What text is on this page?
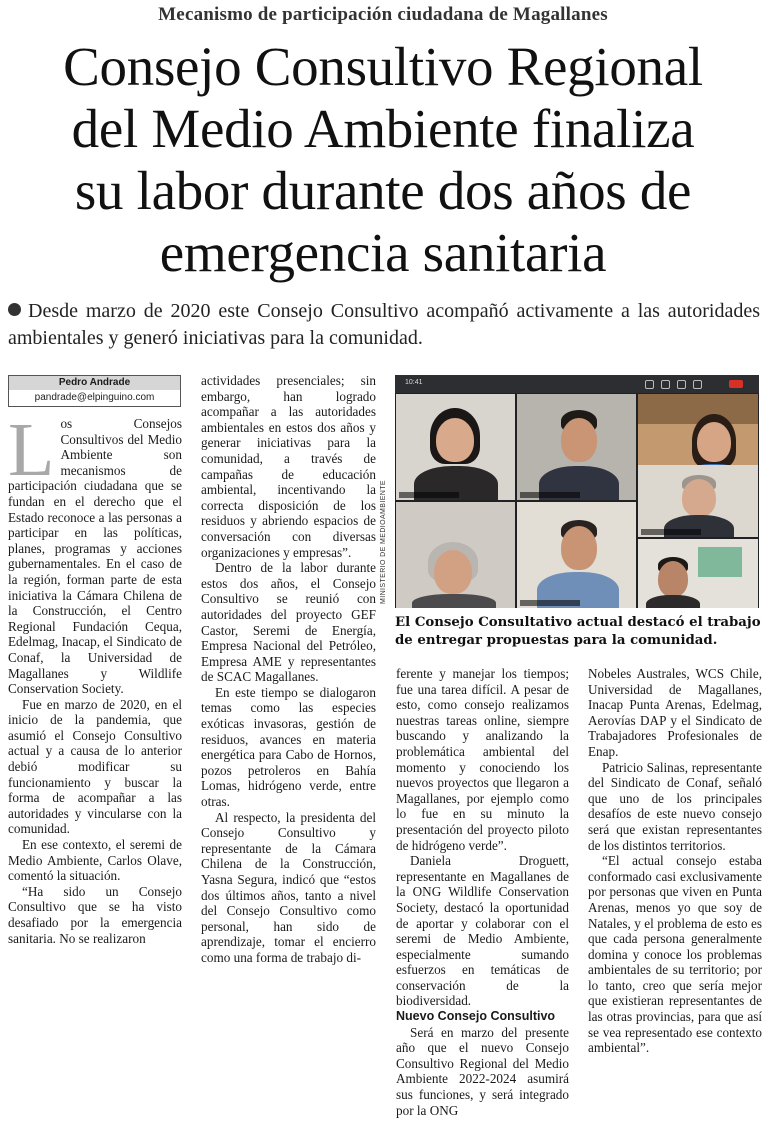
Mecanismo de participación ciudadana de Magallanes
Consejo Consultivo Regional
del Medio Ambiente finaliza
su labor durante dos años de
emergencia sanitaria
Desde marzo de 2020 este Consejo Consultivo acompañó activamente a las autoridades ambientales y generó iniciativas para la comunidad.
Pedro Andrade
pandrade@elpinguino.com

Los Consejos Consultivos del Medio Ambiente son mecanismos de participación ciudadana que se fundan en el derecho que el Estado reconoce a las personas a participar en las políticas, planes, programas y acciones gubernamentales. En el caso de la región, forman parte de esta iniciativa la Cámara Chilena de la Construcción, el Centro Regional Fundación Cequa, Edelmag, Inacap, el Sindicato de Conaf, la Universidad de Magallanes y Wildlife Conservation Society.

Fue en marzo de 2020, en el inicio de la pandemia, que asumió el Consejo Consultivo actual y a causa de lo anterior debió modificar su funcionamiento y buscar la forma de acompañar a las autoridades y vincularse con la comunidad.

En ese contexto, el seremi de Medio Ambiente, Carlos Olave, comentó la situación.

“Ha sido un Consejo Consultivo que se ha visto desafiado por la emergencia sanitaria. No se realizaron

actividades presenciales; sin embargo, han logrado acompañar a las autoridades ambientales en estos dos años y generar iniciativas para la comunidad, a través de campañas de educación ambiental, incentivando la correcta disposición de los residuos y abriendo espacios de conversación con diversas organizaciones y empresas”.

Dentro de la labor durante estos dos años, el Consejo Consultivo se reunió con autoridades del proyecto GEF Castor, Seremi de Energía, Empresa Nacional del Petróleo, Empresa AME y representantes de SCAC Magallanes.

En este tiempo se dialogaron temas como las especies exóticas invasoras, gestión de residuos, avances en materia energética para Cabo de Hornos, pozos petroleros en Bahía Lomas, hidrógeno verde, entre otras.

Al respecto, la presidenta del Consejo Consultivo y representante de la Cámara Chilena de la Construcción, Yasna Segura, indicó que “estos dos últimos años, tanto a nivel del Consejo Consultivo como personal, han sido de aprendizaje, tomar el encierro como una forma de trabajo di-

10:41
MINISTERIO DE MEDIOAMBIENTE
El Consejo Consultativo actual destacó el trabajo de entregar propuestas para la comunidad.

ferente y manejar los tiempos; fue una tarea difícil. A pesar de esto, como consejo realizamos nuestras tareas online, siempre buscando y analizando la problemática ambiental del momento y conociendo los nuevos proyectos que llegaron a Magallanes, por ejemplo como lo fue en su minuto la presentación del proyecto piloto de hidrógeno verde”.

Daniela Droguett, representante en Magallanes de la ONG Wildlife Conservation Society, destacó la oportunidad de aportar y colaborar con el seremi de Medio Ambiente, especialmente sumando esfuerzos en temáticas de conservación de la biodiversidad.

Nuevo Consejo Consultivo

Será en marzo del presente año que el nuevo Consejo Consultivo Regional del Medio Ambiente 2022-2024 asumirá sus funciones, y será integrado por la ONG

Nobeles Australes, WCS Chile, Universidad de Magallanes, Inacap Punta Arenas, Edelmag, Aerovías DAP y el Sindicato de Trabajadores Profesionales de Enap.

Patricio Salinas, representante del Sindicato de Conaf, señaló que uno de los principales desafíos de este nuevo consejo será que existan representantes de los distintos territorios.

“El actual consejo estaba conformado casi exclusivamente por personas que viven en Punta Arenas, menos yo que soy de Natales, y el problema de esto es que cada persona generalmente domina y conoce los problemas ambientales de su territorio; por lo tanto, creo que sería mejor que existieran representantes de las otras provincias, para que así se vea representado ese contexto ambiental”.
